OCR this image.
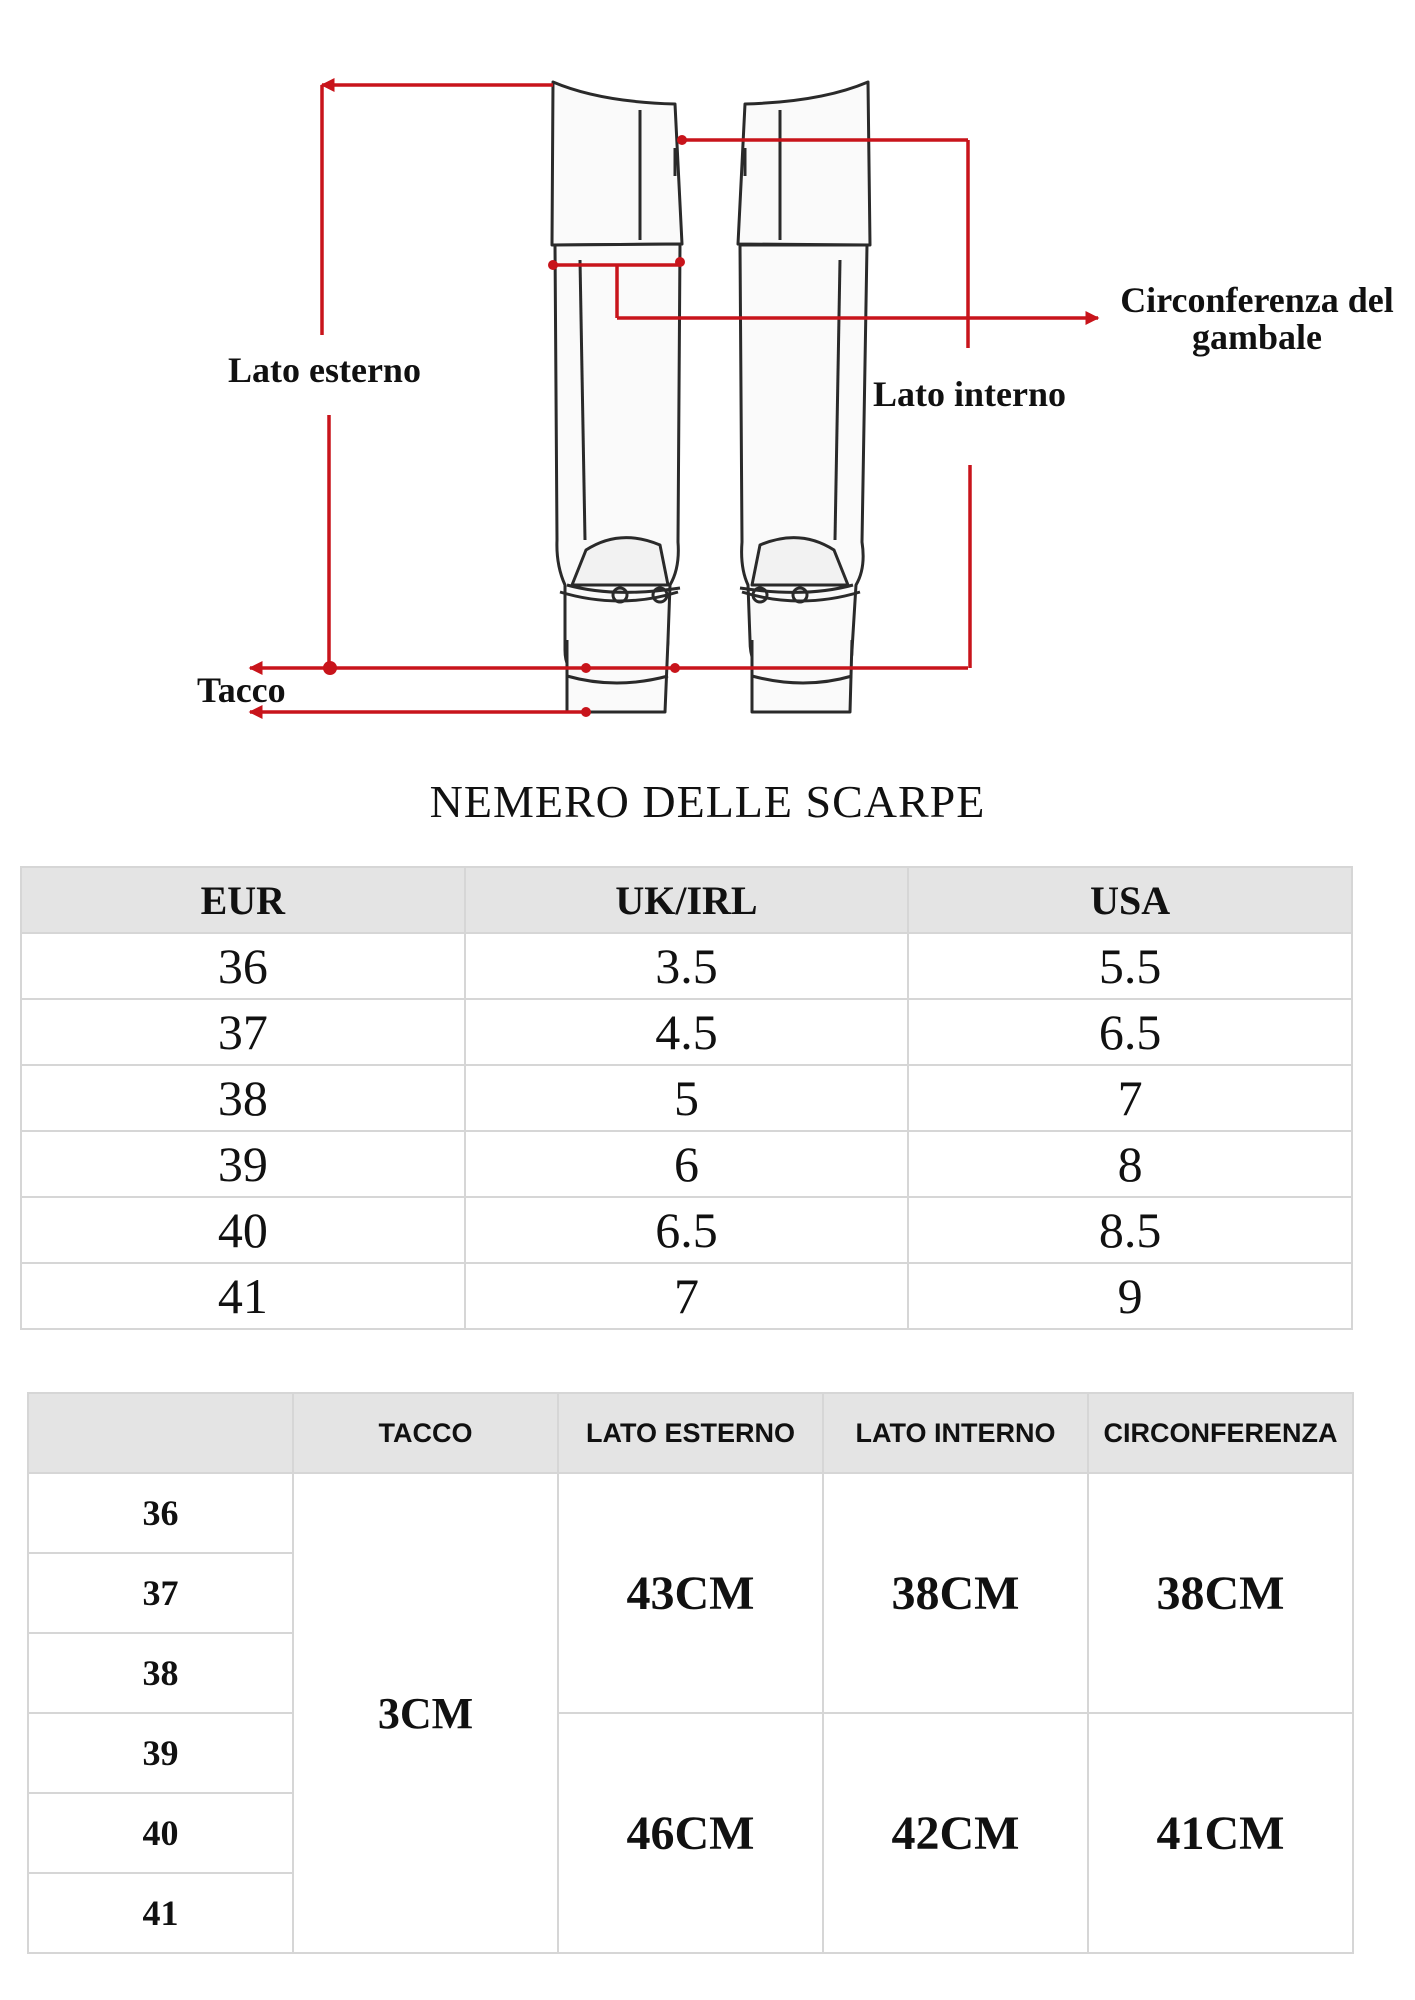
Lato esterno
Lato interno
Circonferenza del
gambale
Tacco
NEMERO DELLE SCARPE
EUR	UK/IRL	USA
36	3.5	5.5
37	4.5	6.5
38	5	7
39	6	8
40	6.5	8.5
41	7	9
	TACCO	LATO ESTERNO	LATO INTERNO	CIRCONFERENZA
36	3CM	43CM	38CM	38CM
37				
38				
39		46CM	42CM	41CM
40				
41				
